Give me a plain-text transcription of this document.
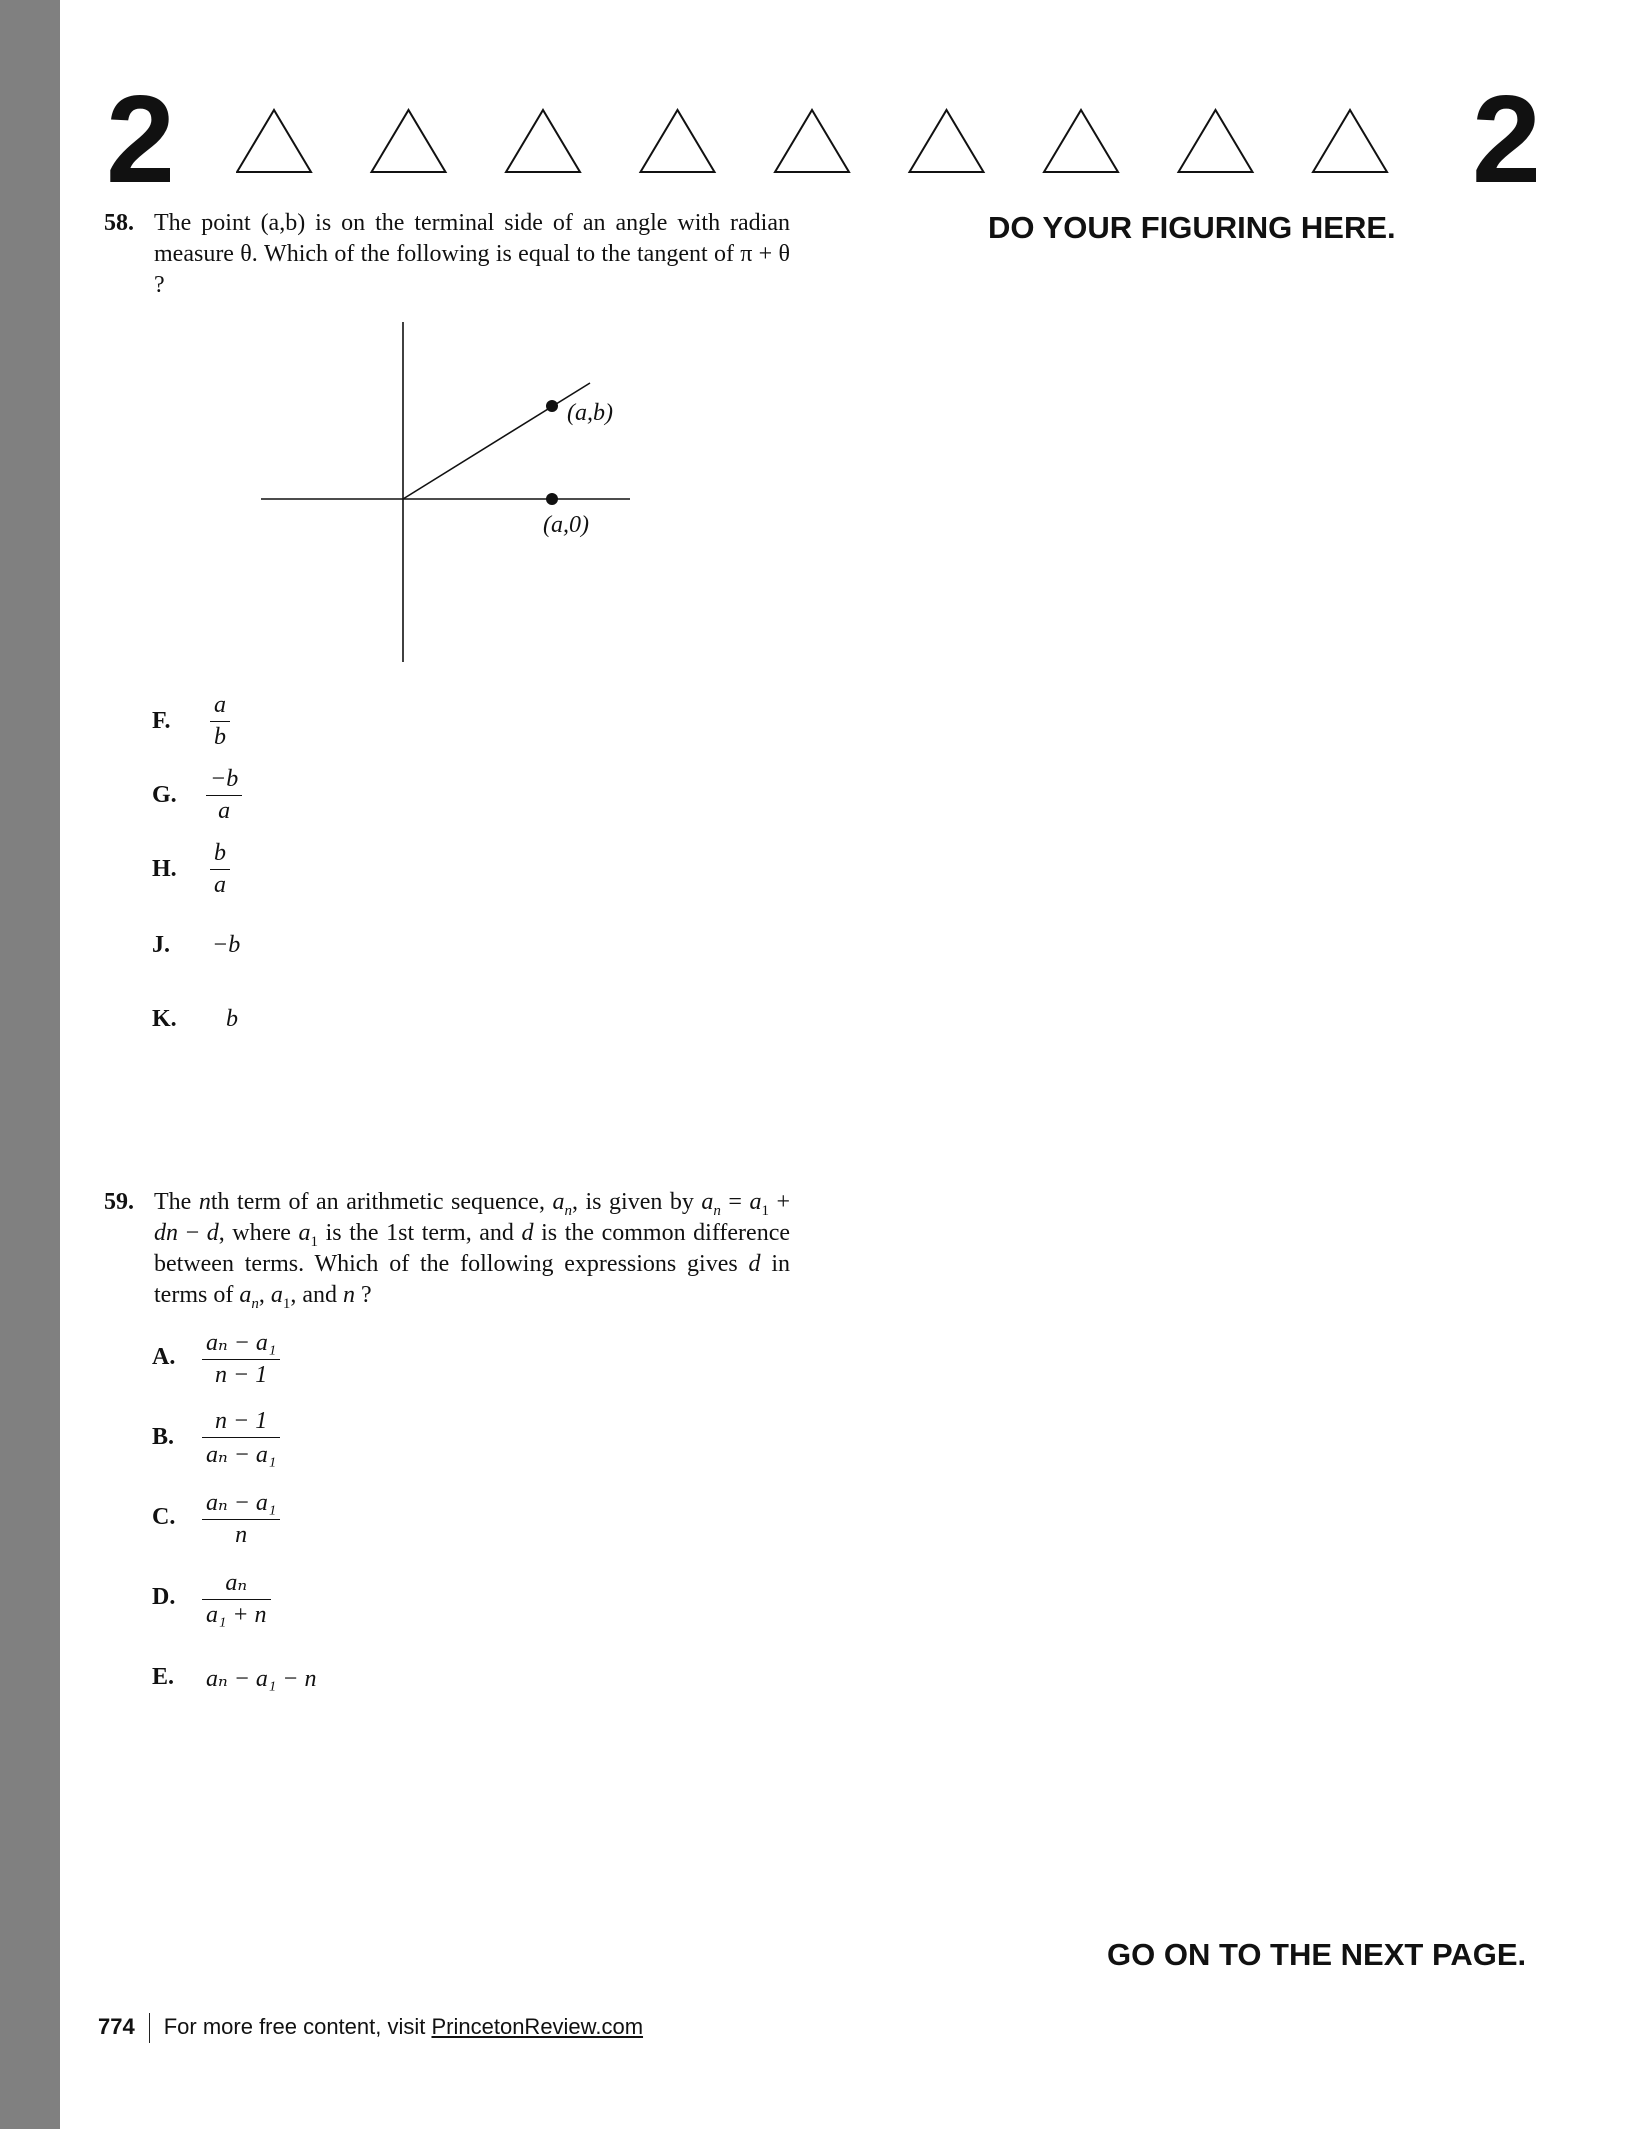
2	2
DO YOUR FIGURING HERE.
58. The point (a,b) is on the terminal side of an angle with radian measure θ. Which of the following is equal to the tangent of π + θ ?
(a,b)
(a,0)
F. $\frac{a}{b}$
G. $\frac{-b}{a}$
H. $\frac{b}{a}$
J. −b
K. b
59. The nth term of an arithmetic sequence, $a_n$, is given by $a_n = a_1$ + dn − d, where $a_1$ is the 1st term, and d is the common difference between terms. Which of the following expressions gives d in terms of $a_n$, $a_1$, and n ?
A. $\frac{\text{aₙ − a₁}}{n - 1}$
B. $\frac{n - 1}{\text{aₙ − a₁}}$
C. $\frac{\text{aₙ − a₁}}{n}$
D. $\frac{\text{aₙ}}{\text{a₁ + n}}$
E. aₙ − a₁ − n
GO ON TO THE NEXT PAGE.
774 For more free content, visit PrincetonReview.com
